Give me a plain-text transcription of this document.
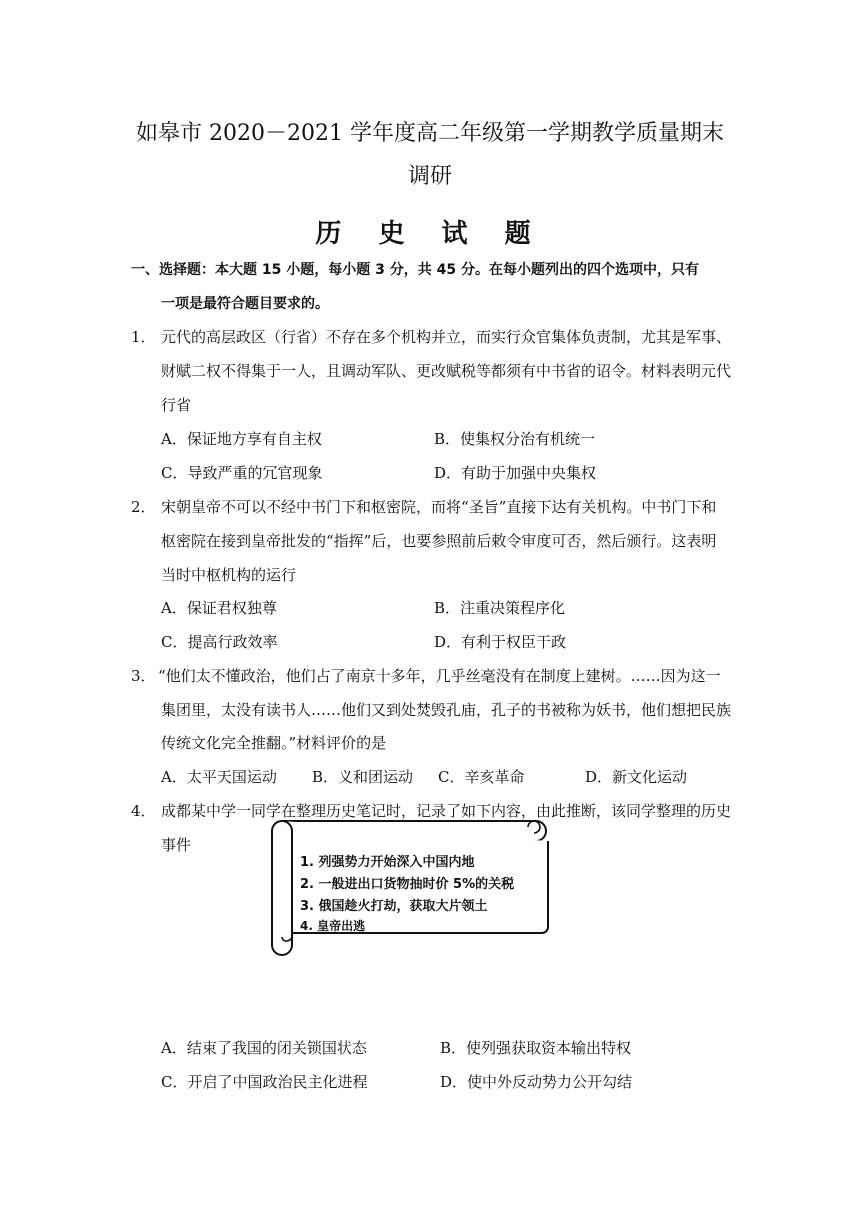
如皋市 2020－2021 学年度高二年级第一学期教学质量期末
调研
历 史 试 题
一、选择题：本大题 15 小题，每小题 3 分，共 45 分。在每小题列出的四个选项中，只有
一项是最符合题目要求的。
1． 元代的高层政区（行省）不存在多个机构并立，而实行众官集体负责制，尤其是军事、
财赋二权不得集于一人，且调动军队、更改赋税等都须有中书省的诏令。材料表明元代
行省
A．保证地方享有自主权	B．使集权分治有机统一
C．导致严重的冗官现象	D．有助于加强中央集权
2． 宋朝皇帝不可以不经中书门下和枢密院，而将“圣旨”直接下达有关机构。中书门下和
枢密院在接到皇帝批发的“指挥”后，也要参照前后敕令审度可否，然后颁行。这表明
当时中枢机构的运行
A．保证君权独尊	B．注重决策程序化
C．提高行政效率	D．有利于权臣干政
3． “他们太不懂政治，他们占了南京十多年，几乎丝毫没有在制度上建树。……因为这一
集团里，太没有读书人……他们又到处焚毁孔庙，孔子的书被称为妖书，他们想把民族
传统文化完全推翻。”材料评价的是
A．太平天国运动 B．义和团运动 C．辛亥革命	D．新文化运动
4． 成都某中学一同学在整理历史笔记时，记录了如下内容，由此推断，该同学整理的历史
事件
1. 列强势力开始深入中国内地
2. 一般进出口货物抽时价 5%的关税
3. 俄国趁火打劫，获取大片领土
4. 皇帝出逃
A．结束了我国的闭关锁国状态	B．使列强获取资本输出特权
C．开启了中国政治民主化进程	D．使中外反动势力公开勾结
